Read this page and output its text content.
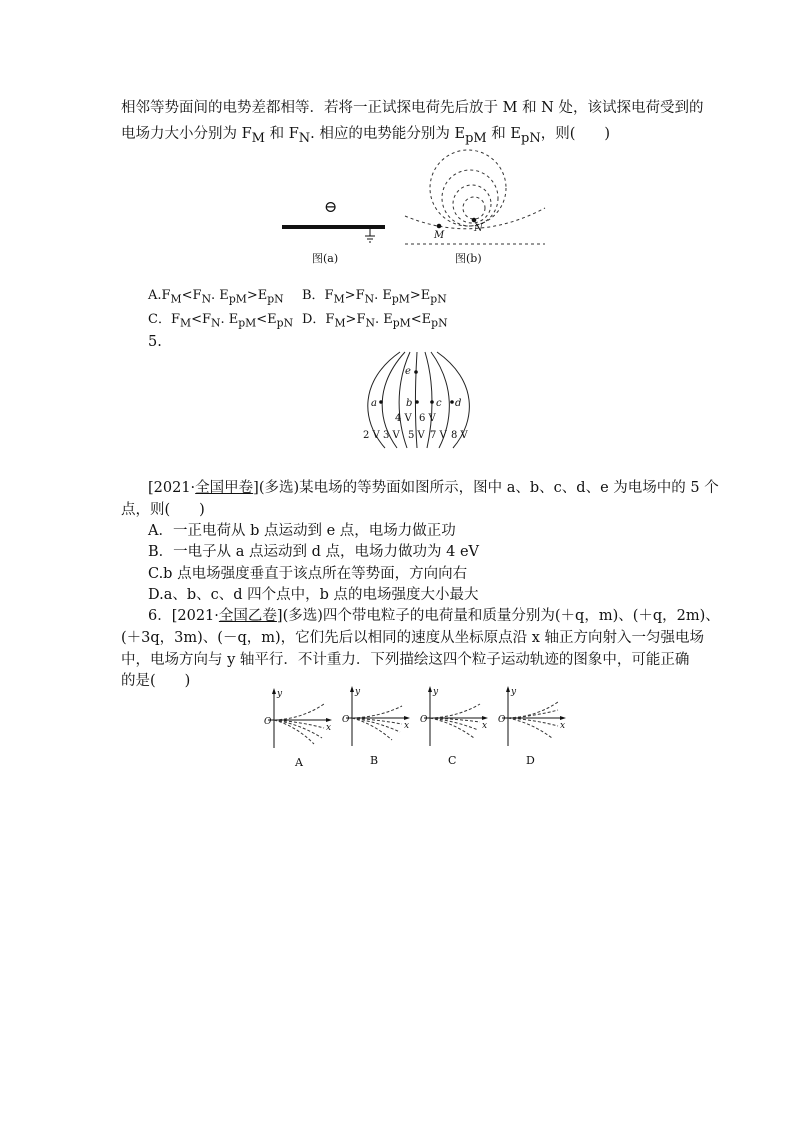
相邻等势面间的电势差都相等．若将一正试探电荷先后放于 M 和 N 处，该试探电荷受到的
电场力大小分别为 $F_M$ 和 $F_N$. 相应的电势能分别为 $E_{pM}$ 和 $E_{pN}$，则(　　)
⊖
图(a)
M
N
图(b)
$A.F_M<F_N$. $E_{pM}>E_{pN}$ B．$F_M>F_N$. $E_{pM}>E_{pN}$
C．$F_M<F_N$. $E_{pM}<E_{pN}$ D．$F_M>F_N$. $E_{pM}<E_{pN}$
5.
e
a	b c d
4 V 6 V
2 V 3 V 5 V 7 V 8 V
[2021·全国甲卷](多选)某电场的等势面如图所示，图中 a、b、c、d、e 为电场中的 5 个
点，则(　　)
A．一正电荷从 b 点运动到 e 点，电场力做正功
B．一电子从 a 点运动到 d 点，电场力做功为 4 eV
C.b 点电场强度垂直于该点所在等势面，方向向右
D.a、b、c、d 四个点中，b 点的电场强度大小最大
6．[2021·全国乙卷](多选)四个带电粒子的电荷量和质量分别为(＋q，m)、(＋q，2m)、
(＋3q，3m)、(－q，m)，它们先后以相同的速度从坐标原点沿 x 轴正方向射入一匀强电场
中，电场方向与 y 轴平行．不计重力．下列描绘这四个粒子运动轨迹的图象中，可能正确
的是(　　)
y
x
O
A
y
x
O
B
y
x
O
C
y
x
O
D
